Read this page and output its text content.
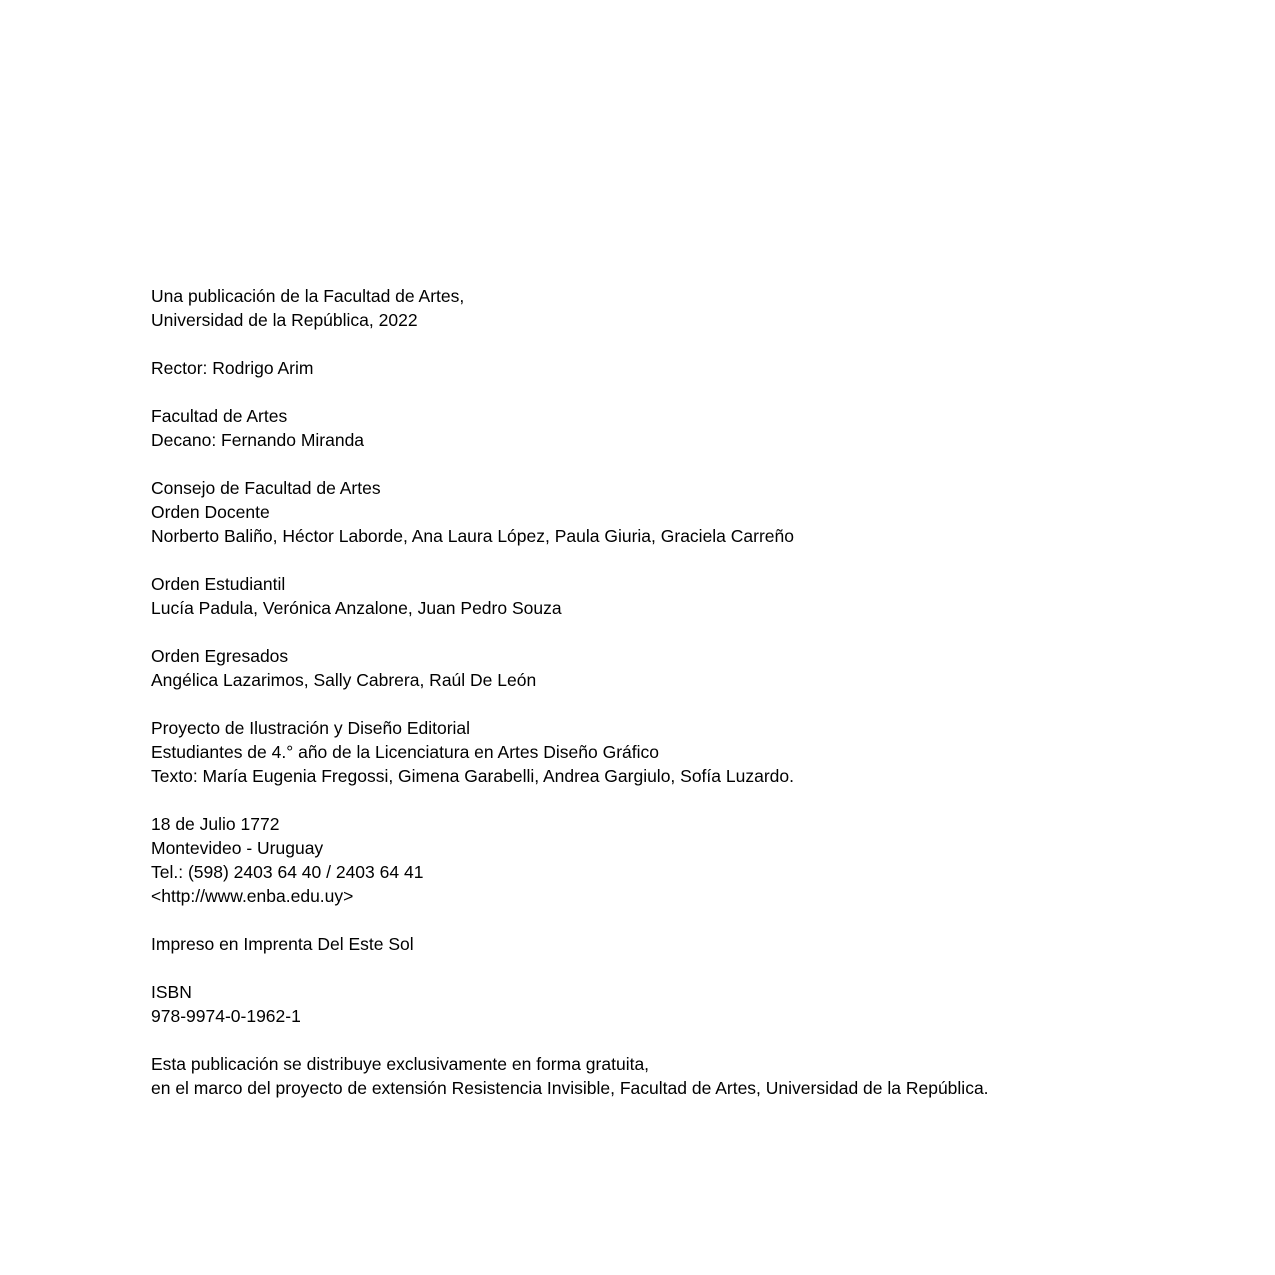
Una publicación de la Facultad de Artes,
Universidad de la República, 2022
Rector: Rodrigo Arim
Facultad de Artes
Decano: Fernando Miranda
Consejo de Facultad de Artes
Orden Docente
Norberto Baliño, Héctor Laborde, Ana Laura López, Paula Giuria, Graciela Carreño
Orden Estudiantil
Lucía Padula, Verónica Anzalone, Juan Pedro Souza
Orden Egresados
Angélica Lazarimos, Sally Cabrera, Raúl De León
Proyecto de Ilustración y Diseño Editorial
Estudiantes de 4.° año de la Licenciatura en Artes Diseño Gráfico
Texto: María Eugenia Fregossi, Gimena Garabelli, Andrea Gargiulo, Sofía Luzardo.
18 de Julio 1772
Montevideo - Uruguay
Tel.: (598) 2403 64 40 / 2403 64 41
<http://www.enba.edu.uy>
Impreso en Imprenta Del Este Sol
ISBN
978-9974-0-1962-1
Esta publicación se distribuye exclusivamente en forma gratuita,
en el marco del proyecto de extensión Resistencia Invisible, Facultad de Artes, Universidad de la República.
